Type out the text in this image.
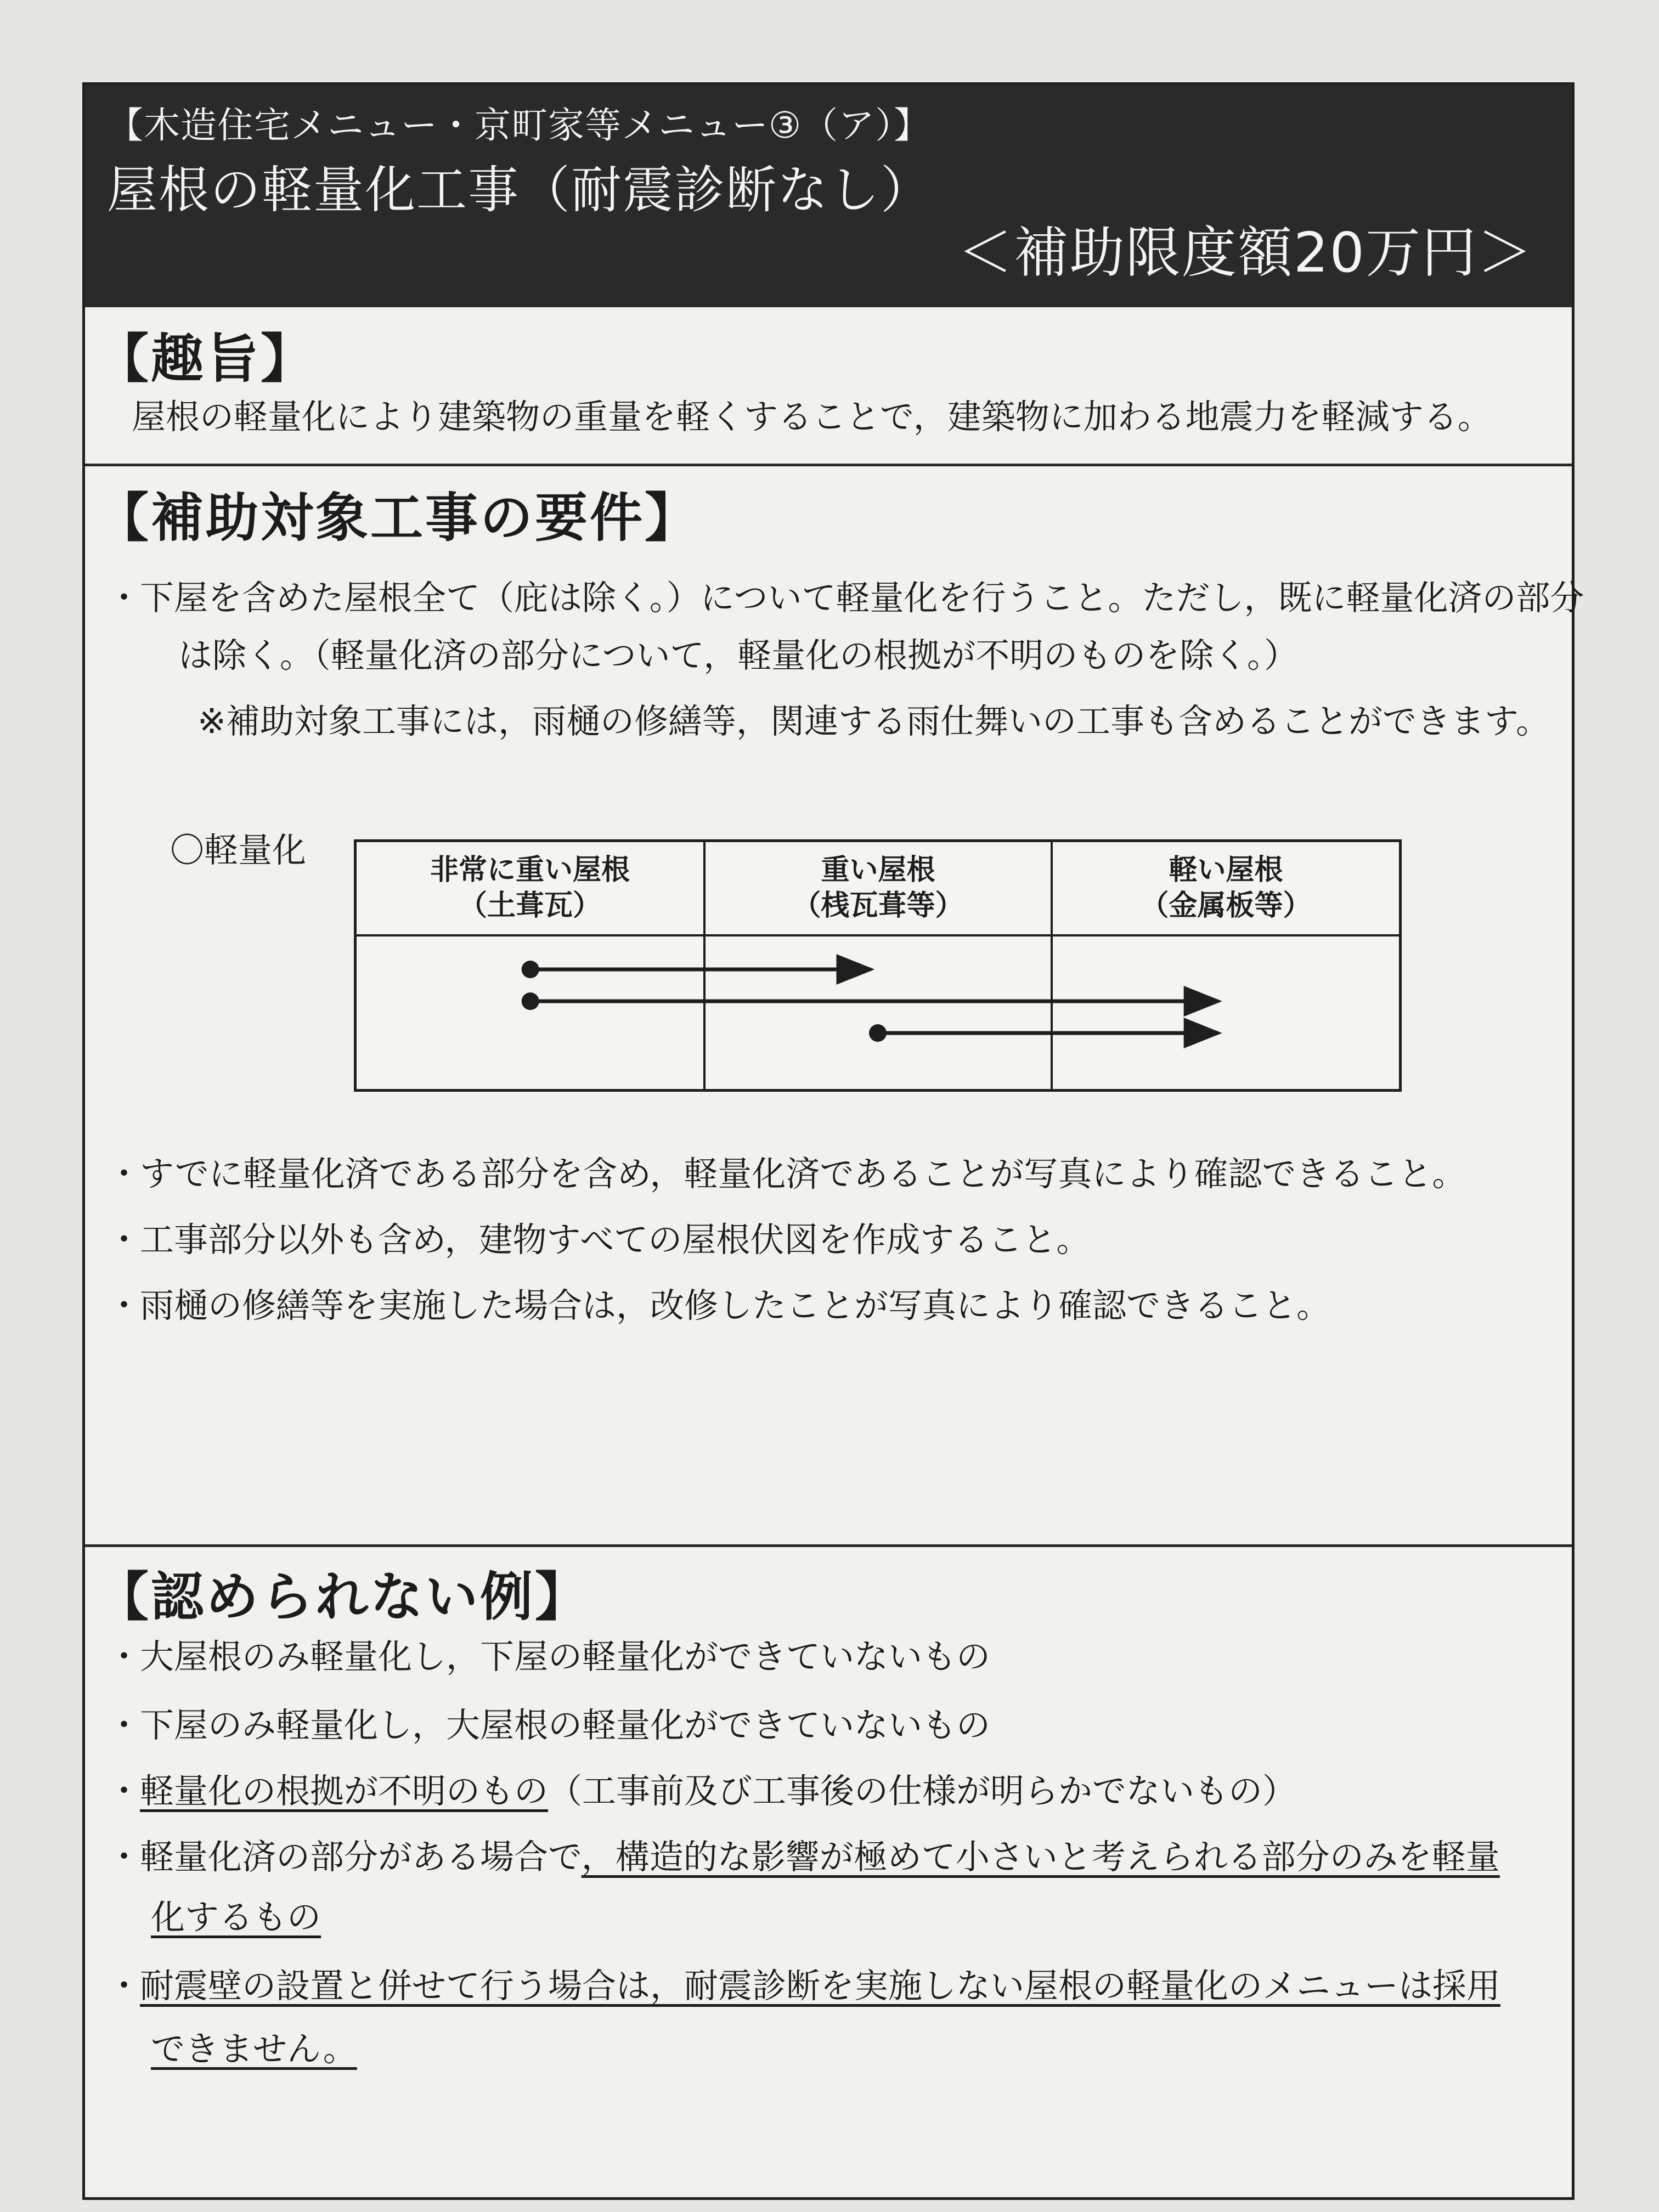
【木造住宅メニュー・京町家等メニュー③（ア）】
屋根の軽量化工事（耐震診断なし）
＜補助限度額20万円＞
【趣旨】
屋根の軽量化により建築物の重量を軽くすることで，建築物に加わる地震力を軽減する。
【補助対象工事の要件】
・下屋を含めた屋根全て（庇は除く。）について軽量化を行うこと。ただし，既に軽量化済の部分
は除く。（軽量化済の部分について，軽量化の根拠が不明のものを除く。）
※補助対象工事には，雨樋の修繕等，関連する雨仕舞いの工事も含めることができます。
〇軽量化	非常に重い屋根
（土葺瓦）
重い屋根
（桟瓦葺等）
軽い屋根
（金属板等）
・すでに軽量化済である部分を含め，軽量化済であることが写真により確認できること。
・工事部分以外も含め，建物すべての屋根伏図を作成すること。
・雨樋の修繕等を実施した場合は，改修したことが写真により確認できること。
【認められない例】
・大屋根のみ軽量化し，下屋の軽量化ができていないもの
・下屋のみ軽量化し，大屋根の軽量化ができていないもの
・軽量化の根拠が不明のもの（工事前及び工事後の仕様が明らかでないもの）
・軽量化済の部分がある場合で，構造的な影響が極めて小さいと考えられる部分のみを軽量
化するもの
・耐震壁の設置と併せて行う場合は，耐震診断を実施しない屋根の軽量化のメニューは採用
できません。
